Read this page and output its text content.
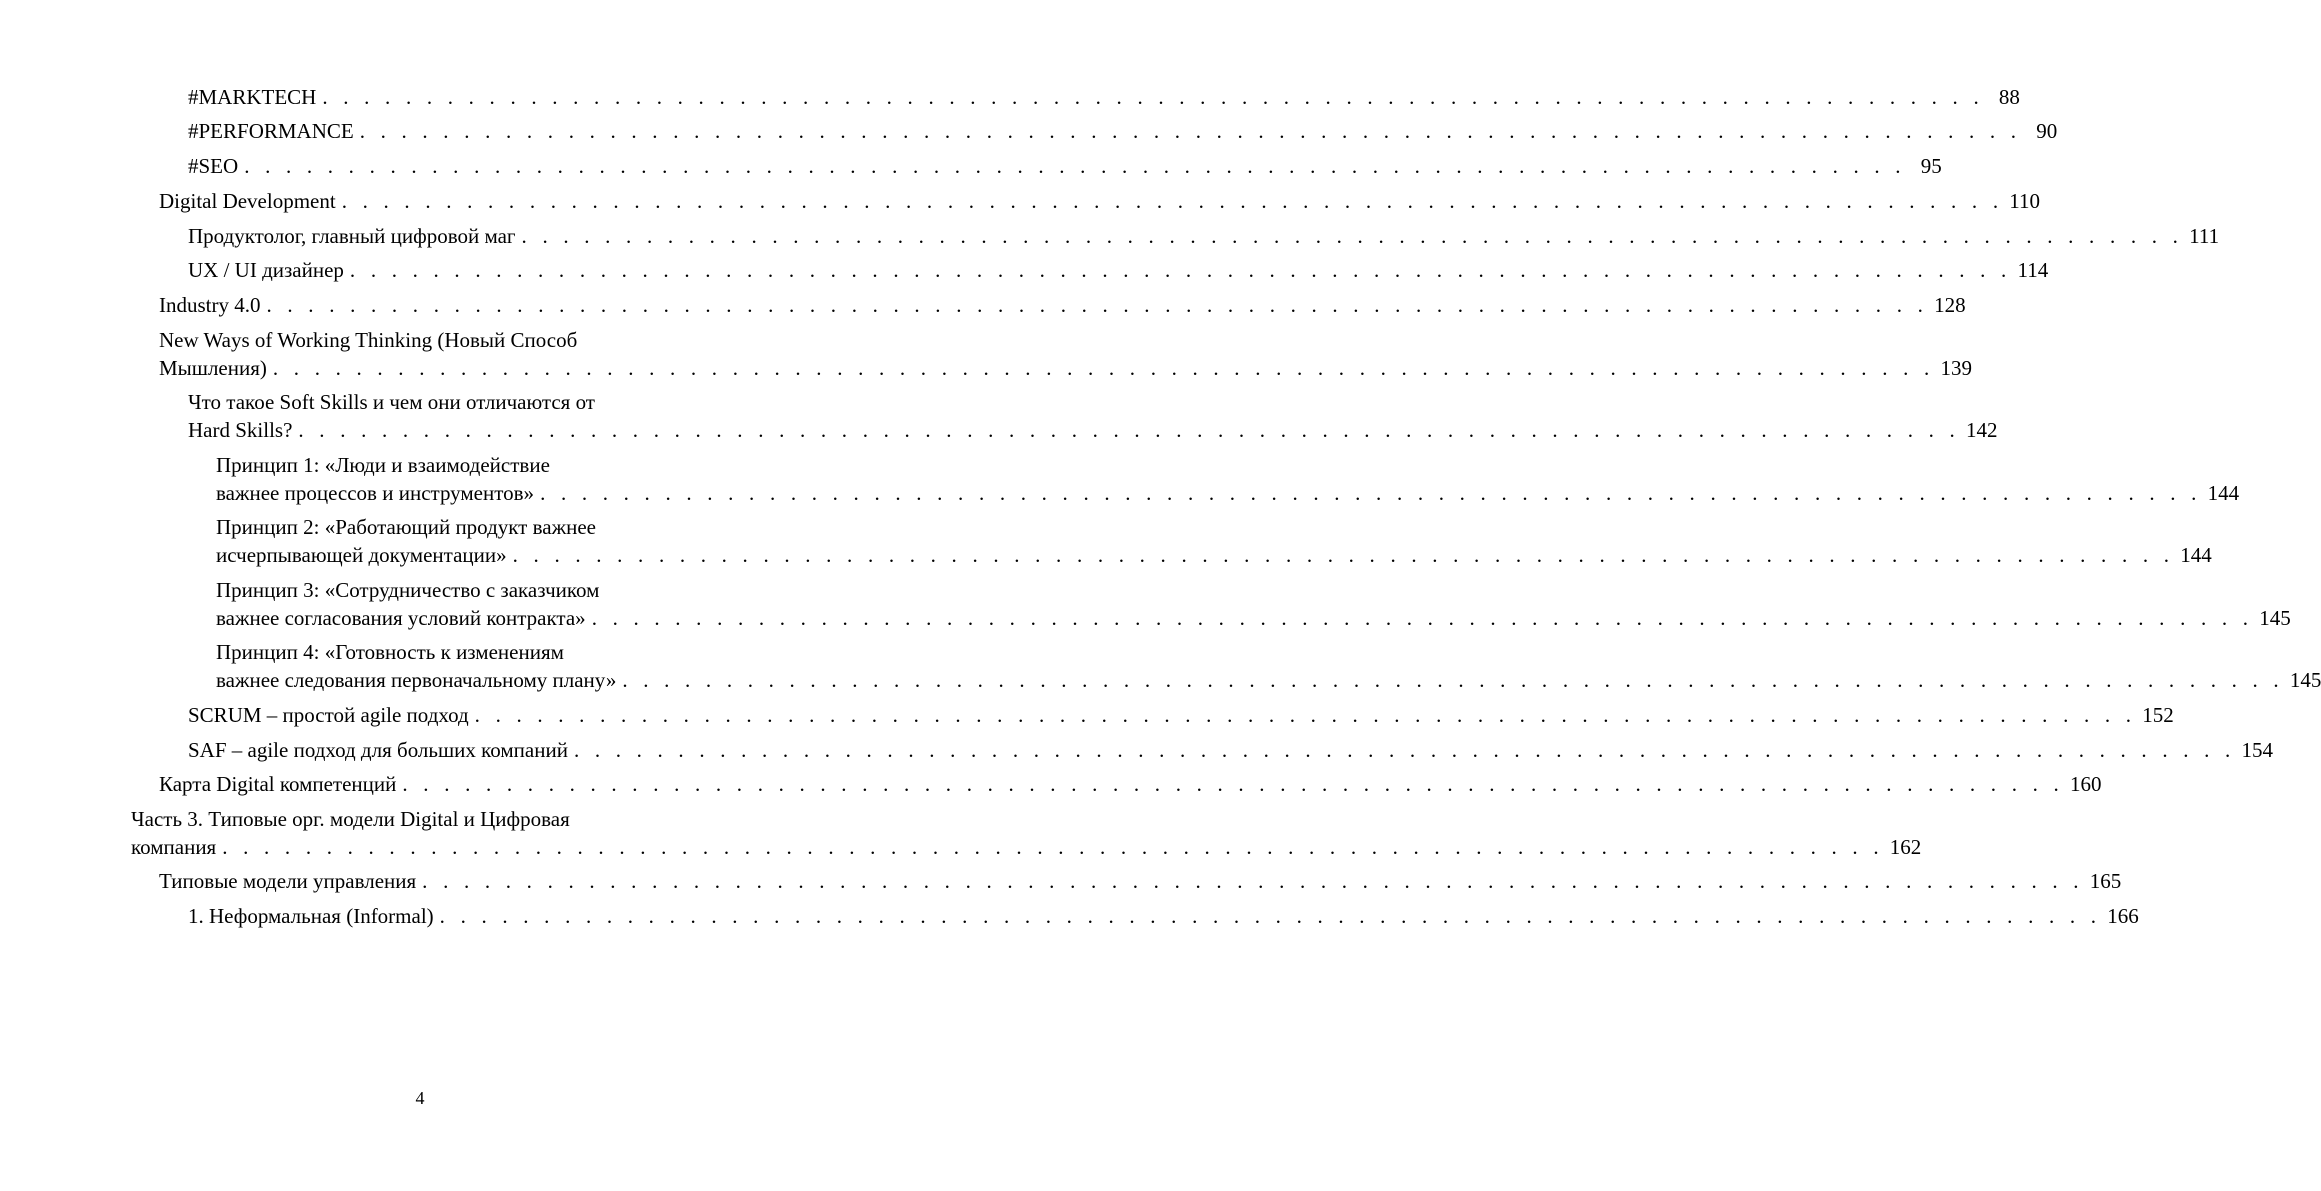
#MARKTECH . . . . . . . . . . . . . . . . . . . . . . . . . . . . . . . . . . . . . . . . . . . . . . . . . . . . . . . . . . . . . . . . . . . . . . . . . . . . . . . . 88
#PERFORMANCE . . . . . . . . . . . . . . . . . . . . . . . . . . . . . . . . . . . . . . . . . . . . . . . . . . . . . . . . . . . . . . . . . . . . . . . . . . . . . . . . 90
#SEO . . . . . . . . . . . . . . . . . . . . . . . . . . . . . . . . . . . . . . . . . . . . . . . . . . . . . . . . . . . . . . . . . . . . . . . . . . . . . . . . 95
Digital Development . . . . . . . . . . . . . . . . . . . . . . . . . . . . . . . . . . . . . . . . . . . . . . . . . . . . . . . . . . . . . . . . . . . . . . . . . . . . . . . . 110
Продуктолог, главный цифровой маг . . . . . . . . . . . . . . . . . . . . . . . . . . . . . . . . . . . . . . . . . . . . . . . . . . . . . . . . . . . . . . . . . . . . . . . . . . . . . . . . 111
UX / UI дизайнер . . . . . . . . . . . . . . . . . . . . . . . . . . . . . . . . . . . . . . . . . . . . . . . . . . . . . . . . . . . . . . . . . . . . . . . . . . . . . . . . 114
Industry 4.0 . . . . . . . . . . . . . . . . . . . . . . . . . . . . . . . . . . . . . . . . . . . . . . . . . . . . . . . . . . . . . . . . . . . . . . . . . . . . . . . . 128
New Ways of Working Thinking (Новый Способ
Мышления) . . . . . . . . . . . . . . . . . . . . . . . . . . . . . . . . . . . . . . . . . . . . . . . . . . . . . . . . . . . . . . . . . . . . . . . . . . . . . . . . 139
Что такое Soft Skills и чем они отличаются от
Hard Skills? . . . . . . . . . . . . . . . . . . . . . . . . . . . . . . . . . . . . . . . . . . . . . . . . . . . . . . . . . . . . . . . . . . . . . . . . . . . . . . . . 142
Принцип 1: «Люди и взаимодействие
важнее процессов и инструментов» . . . . . . . . . . . . . . . . . . . . . . . . . . . . . . . . . . . . . . . . . . . . . . . . . . . . . . . . . . . . . . . . . . . . . . . . . . . . . . . . 144
Принцип 2: «Работающий продукт важнее
исчерпывающей документации» . . . . . . . . . . . . . . . . . . . . . . . . . . . . . . . . . . . . . . . . . . . . . . . . . . . . . . . . . . . . . . . . . . . . . . . . . . . . . . . . 144
Принцип 3: «Сотрудничество с заказчиком
важнее согласования условий контракта» . . . . . . . . . . . . . . . . . . . . . . . . . . . . . . . . . . . . . . . . . . . . . . . . . . . . . . . . . . . . . . . . . . . . . . . . . . . . . . . . 145
Принцип 4: «Готовность к изменениям
важнее следования первоначальному плану» . . . . . . . . . . . . . . . . . . . . . . . . . . . . . . . . . . . . . . . . . . . . . . . . . . . . . . . . . . . . . . . . . . . . . . . . . . . . . . . . 145
SCRUM – простой agile подход . . . . . . . . . . . . . . . . . . . . . . . . . . . . . . . . . . . . . . . . . . . . . . . . . . . . . . . . . . . . . . . . . . . . . . . . . . . . . . . . 152
SAF – agile подход для больших компаний . . . . . . . . . . . . . . . . . . . . . . . . . . . . . . . . . . . . . . . . . . . . . . . . . . . . . . . . . . . . . . . . . . . . . . . . . . . . . . . . 154
Карта Digital компетенций . . . . . . . . . . . . . . . . . . . . . . . . . . . . . . . . . . . . . . . . . . . . . . . . . . . . . . . . . . . . . . . . . . . . . . . . . . . . . . . . 160
Часть 3. Типовые орг. модели Digital и Цифровая
компания . . . . . . . . . . . . . . . . . . . . . . . . . . . . . . . . . . . . . . . . . . . . . . . . . . . . . . . . . . . . . . . . . . . . . . . . . . . . . . . . 162
Типовые модели управления . . . . . . . . . . . . . . . . . . . . . . . . . . . . . . . . . . . . . . . . . . . . . . . . . . . . . . . . . . . . . . . . . . . . . . . . . . . . . . . . 165
1. Неформальная (Informal) . . . . . . . . . . . . . . . . . . . . . . . . . . . . . . . . . . . . . . . . . . . . . . . . . . . . . . . . . . . . . . . . . . . . . . . . . . . . . . . . 166
4
